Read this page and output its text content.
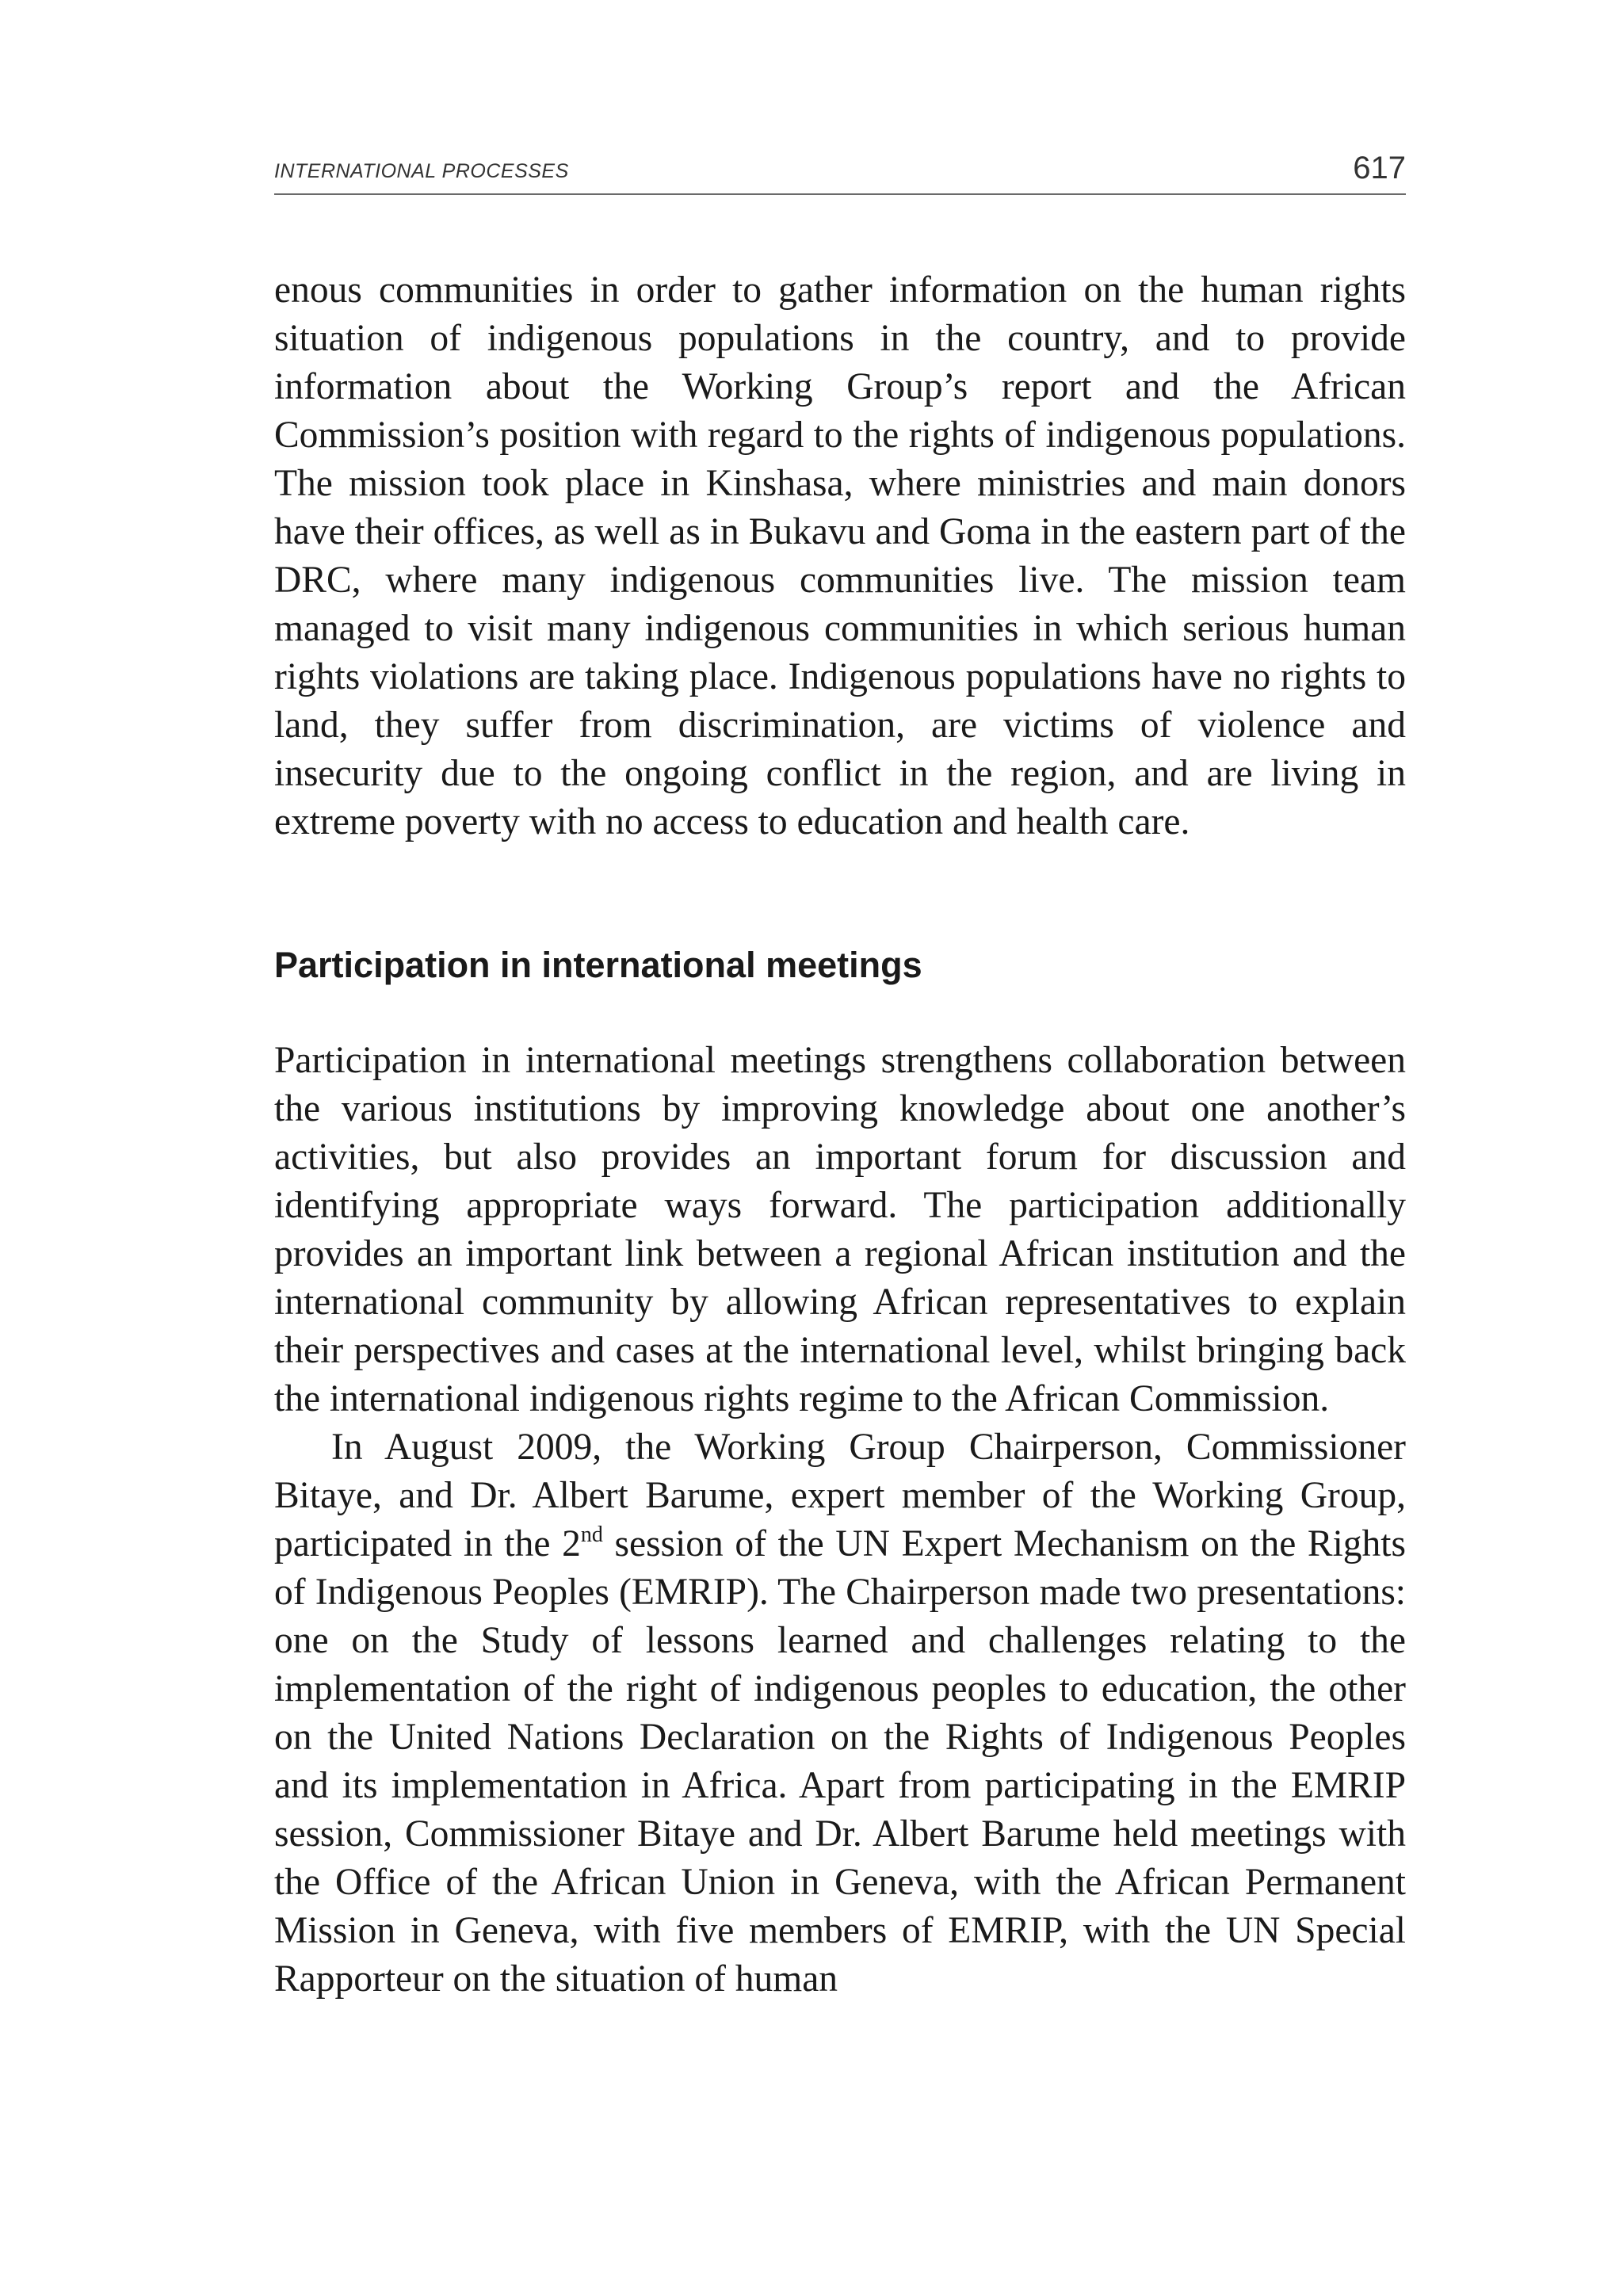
INTERNATIONAL PROCESSES	617

enous communities in order to gather information on the human rights situation of indigenous populations in the country, and to provide information about the Working Group’s report and the African Commission’s position with regard to the rights of indigenous populations. The mission took place in Kinshasa, where ministries and main donors have their offices, as well as in Bukavu and Goma in the eastern part of the DRC, where many indigenous communities live. The mission team managed to visit many indigenous communities in which serious human rights violations are taking place. Indigenous populations have no rights to land, they suffer from discrimination, are victims of violence and insecurity due to the ongoing conflict in the region, and are living in extreme poverty with no access to education and health care.

Participation in international meetings

Participation in international meetings strengthens collaboration between the various institutions by improving knowledge about one another’s activities, but also provides an important forum for discussion and identifying appropriate ways forward. The participation additionally provides an important link between a regional African institution and the international community by allowing African representatives to explain their perspectives and cases at the international level, whilst bringing back the international indigenous rights regime to the African Commission.

In August 2009, the Working Group Chairperson, Commissioner Bitaye, and Dr. Albert Barume, expert member of the Working Group, participated in the 2nd session of the UN Expert Mechanism on the Rights of Indigenous Peoples (EMRIP). The Chairperson made two presentations: one on the Study of lessons learned and challenges relating to the implementation of the right of indigenous peoples to education, the other on the United Nations Declaration on the Rights of Indigenous Peoples and its implementation in Africa. Apart from participating in the EMRIP session, Commissioner Bitaye and Dr. Albert Barume held meetings with the Office of the African Union in Geneva, with the African Permanent Mission in Geneva, with five members of EMRIP, with the UN Special Rapporteur on the situation of human
